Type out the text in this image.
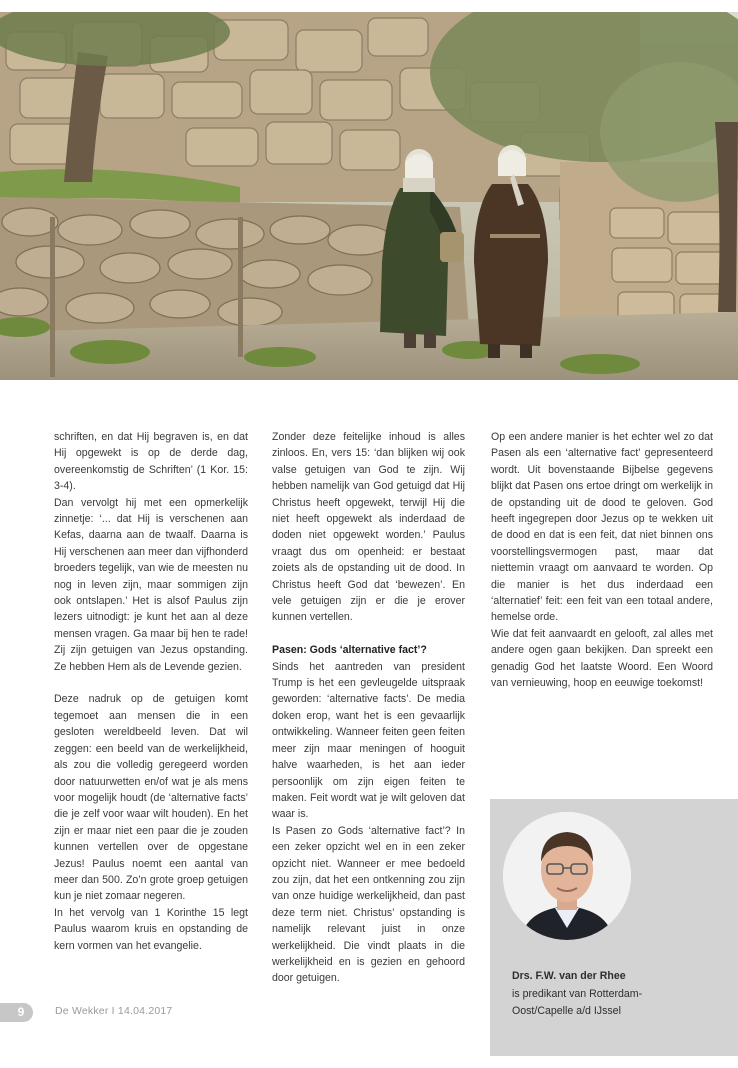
schriften, en dat Hij begraven is, en dat Hij opgewekt is op de derde dag, overeenkomstig de Schriften’ (1 Kor. 15: 3-4).

Dan vervolgt hij met een opmerkelijk zinnetje: ‘... dat Hij is verschenen aan Kefas, daarna aan de twaalf. Daarna is Hij verschenen aan meer dan vijfhonderd broeders tegelijk, van wie de meesten nu nog in leven zijn, maar sommigen zijn ook ontslapen.’ Het is alsof Paulus zijn lezers uitnodigt: je kunt het aan al deze mensen vragen. Ga maar bij hen te rade! Zij zijn getuigen van Jezus opstanding. Ze hebben Hem als de Levende gezien.

Deze nadruk op de getuigen komt tegemoet aan mensen die in een gesloten wereldbeeld leven. Dat wil zeggen: een beeld van de werkelijkheid, als zou die volledig geregeerd worden door natuurwetten en/of wat je als mens voor mogelijk houdt (de ‘alternative facts’ die je zelf voor waar wilt houden). En het zijn er maar niet een paar die je zouden kunnen vertellen over de opgestane Jezus! Paulus noemt een aantal van meer dan 500. Zo’n grote groep getuigen kun je niet zomaar negeren.

In het vervolg van 1 Korinthe 15 legt Paulus waarom kruis en opstanding de kern vormen van het evangelie.

Zonder deze feitelijke inhoud is alles zinloos. En, vers 15: ‘dan blijken wij ook valse getuigen van God te zijn. Wij hebben namelijk van God getuigd dat Hij Christus heeft opgewekt, terwijl Hij die niet heeft opgewekt als inderdaad de doden niet opgewekt worden.’ Paulus vraagt dus om openheid: er bestaat zoiets als de opstanding uit de dood. In Christus heeft God dat ‘bewezen’. En vele getuigen zijn er die je erover kunnen vertellen.

Pasen: Gods ‘alternative fact’?

Sinds het aantreden van president Trump is het een gevleugelde uitspraak geworden: ‘alternative facts’. De media doken erop, want het is een gevaarlijk ontwikkeling. Wanneer feiten geen feiten meer zijn maar meningen of hooguit halve waarheden, is het aan ieder persoonlijk om zijn eigen feiten te maken. Feit wordt wat je wilt geloven dat waar is.

Is Pasen zo Gods ‘alternative fact’? In een zeker opzicht wel en in een zeker opzicht niet. Wanneer er mee bedoeld zou zijn, dat het een ontkenning zou zijn van onze huidige werkelijkheid, dan past deze term niet. Christus’ opstanding is namelijk relevant juist in onze werkelijkheid. Die vindt plaats in die werkelijkheid en is gezien en gehoord door getuigen.

Op een andere manier is het echter wel zo dat Pasen als een ‘alternative fact’ gepresenteerd wordt. Uit bovenstaande Bijbelse gegevens blijkt dat Pasen ons ertoe dringt om werkelijk in de opstanding uit de dood te geloven. God heeft ingegrepen door Jezus op te wekken uit de dood en dat is een feit, dat niet binnen ons voorstellingsvermogen past, maar dat niettemin vraagt om aanvaard te worden. Op die manier is het dus inderdaad een ‘alternatief’ feit: een feit van een totaal andere, hemelse orde.

Wie dat feit aanvaardt en gelooft, zal alles met andere ogen gaan bekijken. Dan spreekt een genadig God het laatste Woord. Een Woord van vernieuwing, hoop en eeuwige toekomst!

Drs. F.W. van der Rhee
is predikant van Rotterdam-
Oost/Capelle a/d IJssel
9	De Wekker I 14.04.2017
